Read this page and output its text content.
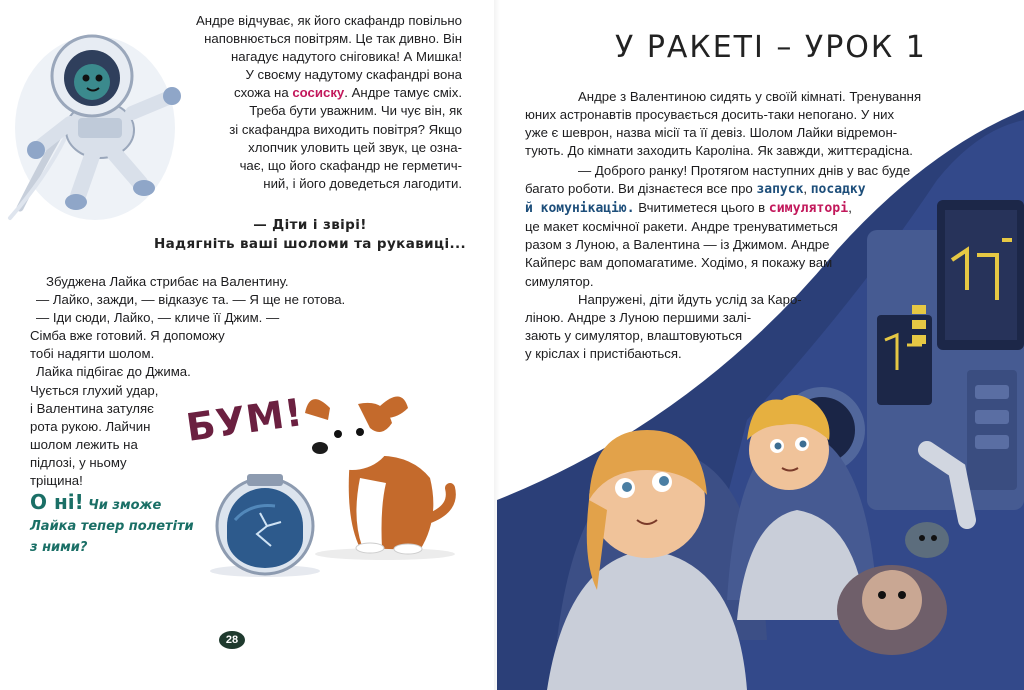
Андре відчуває, як його скафандр повільно
наповнюється повітрям. Це так дивно. Він
нагадує надутого сніговика! А Мишка!
У своєму надутому скафандрі вона
схожа на сосиску. Андре тамує сміх.
Треба бути уважним. Чи чує він, як
зі скафандра виходить повітря? Якщо
хлопчик уловить цей звук, це озна-
чає, що його скафандр не герметич-
ний, і його доведеться лагодити.

— Діти і звірі!
Надягніть ваші шоломи та рукавиці...

Збуджена Лайка стрибає на Валентину.
— Лайко, зажди, — відказує та. — Я ще не готова.
— Іди сюди, Лайко, — кличе її Джим. —
Сімба вже готовий. Я допоможу
тобі надягти шолом.
Лайка підбігає до Джима.
Чується глухий удар,
і Валентина затуляє
рота рукою. Лайчин
шолом лежить на
підлозі, у ньому
тріщина!

БУМ!
О ні! Чи зможе
Лайка тепер полетіти
з ними?
28
У РАКЕТІ – УРОК 1

Андре з Валентиною сидять у своїй кімнаті. Тренування
юних астронавтів просувається досить-таки непогано. У них
уже є шеврон, назва місії та її девіз. Шолом Лайки відремон-
тують. До кімнати заходить Кароліна. Як завжди, життєрадісна.

— Доброго ранку! Протягом наступних днів у вас буде
багато роботи. Ви дізнаєтеся все про запуск, посадку
й комунікацію. Вчитиметеся цього в симуляторі,
це макет космічної ракети. Андре тренуватиметься
разом з Луною, а Валентина — із Джимом. Андре
Кайперс вам допомагатиме. Ходімо, я покажу вам
симулятор.

Напружені, діти йдуть услід за Каро-
ліною. Андре з Луною першими залі-
зають у симулятор, влаштовуються
у кріслах і пристібаються.
